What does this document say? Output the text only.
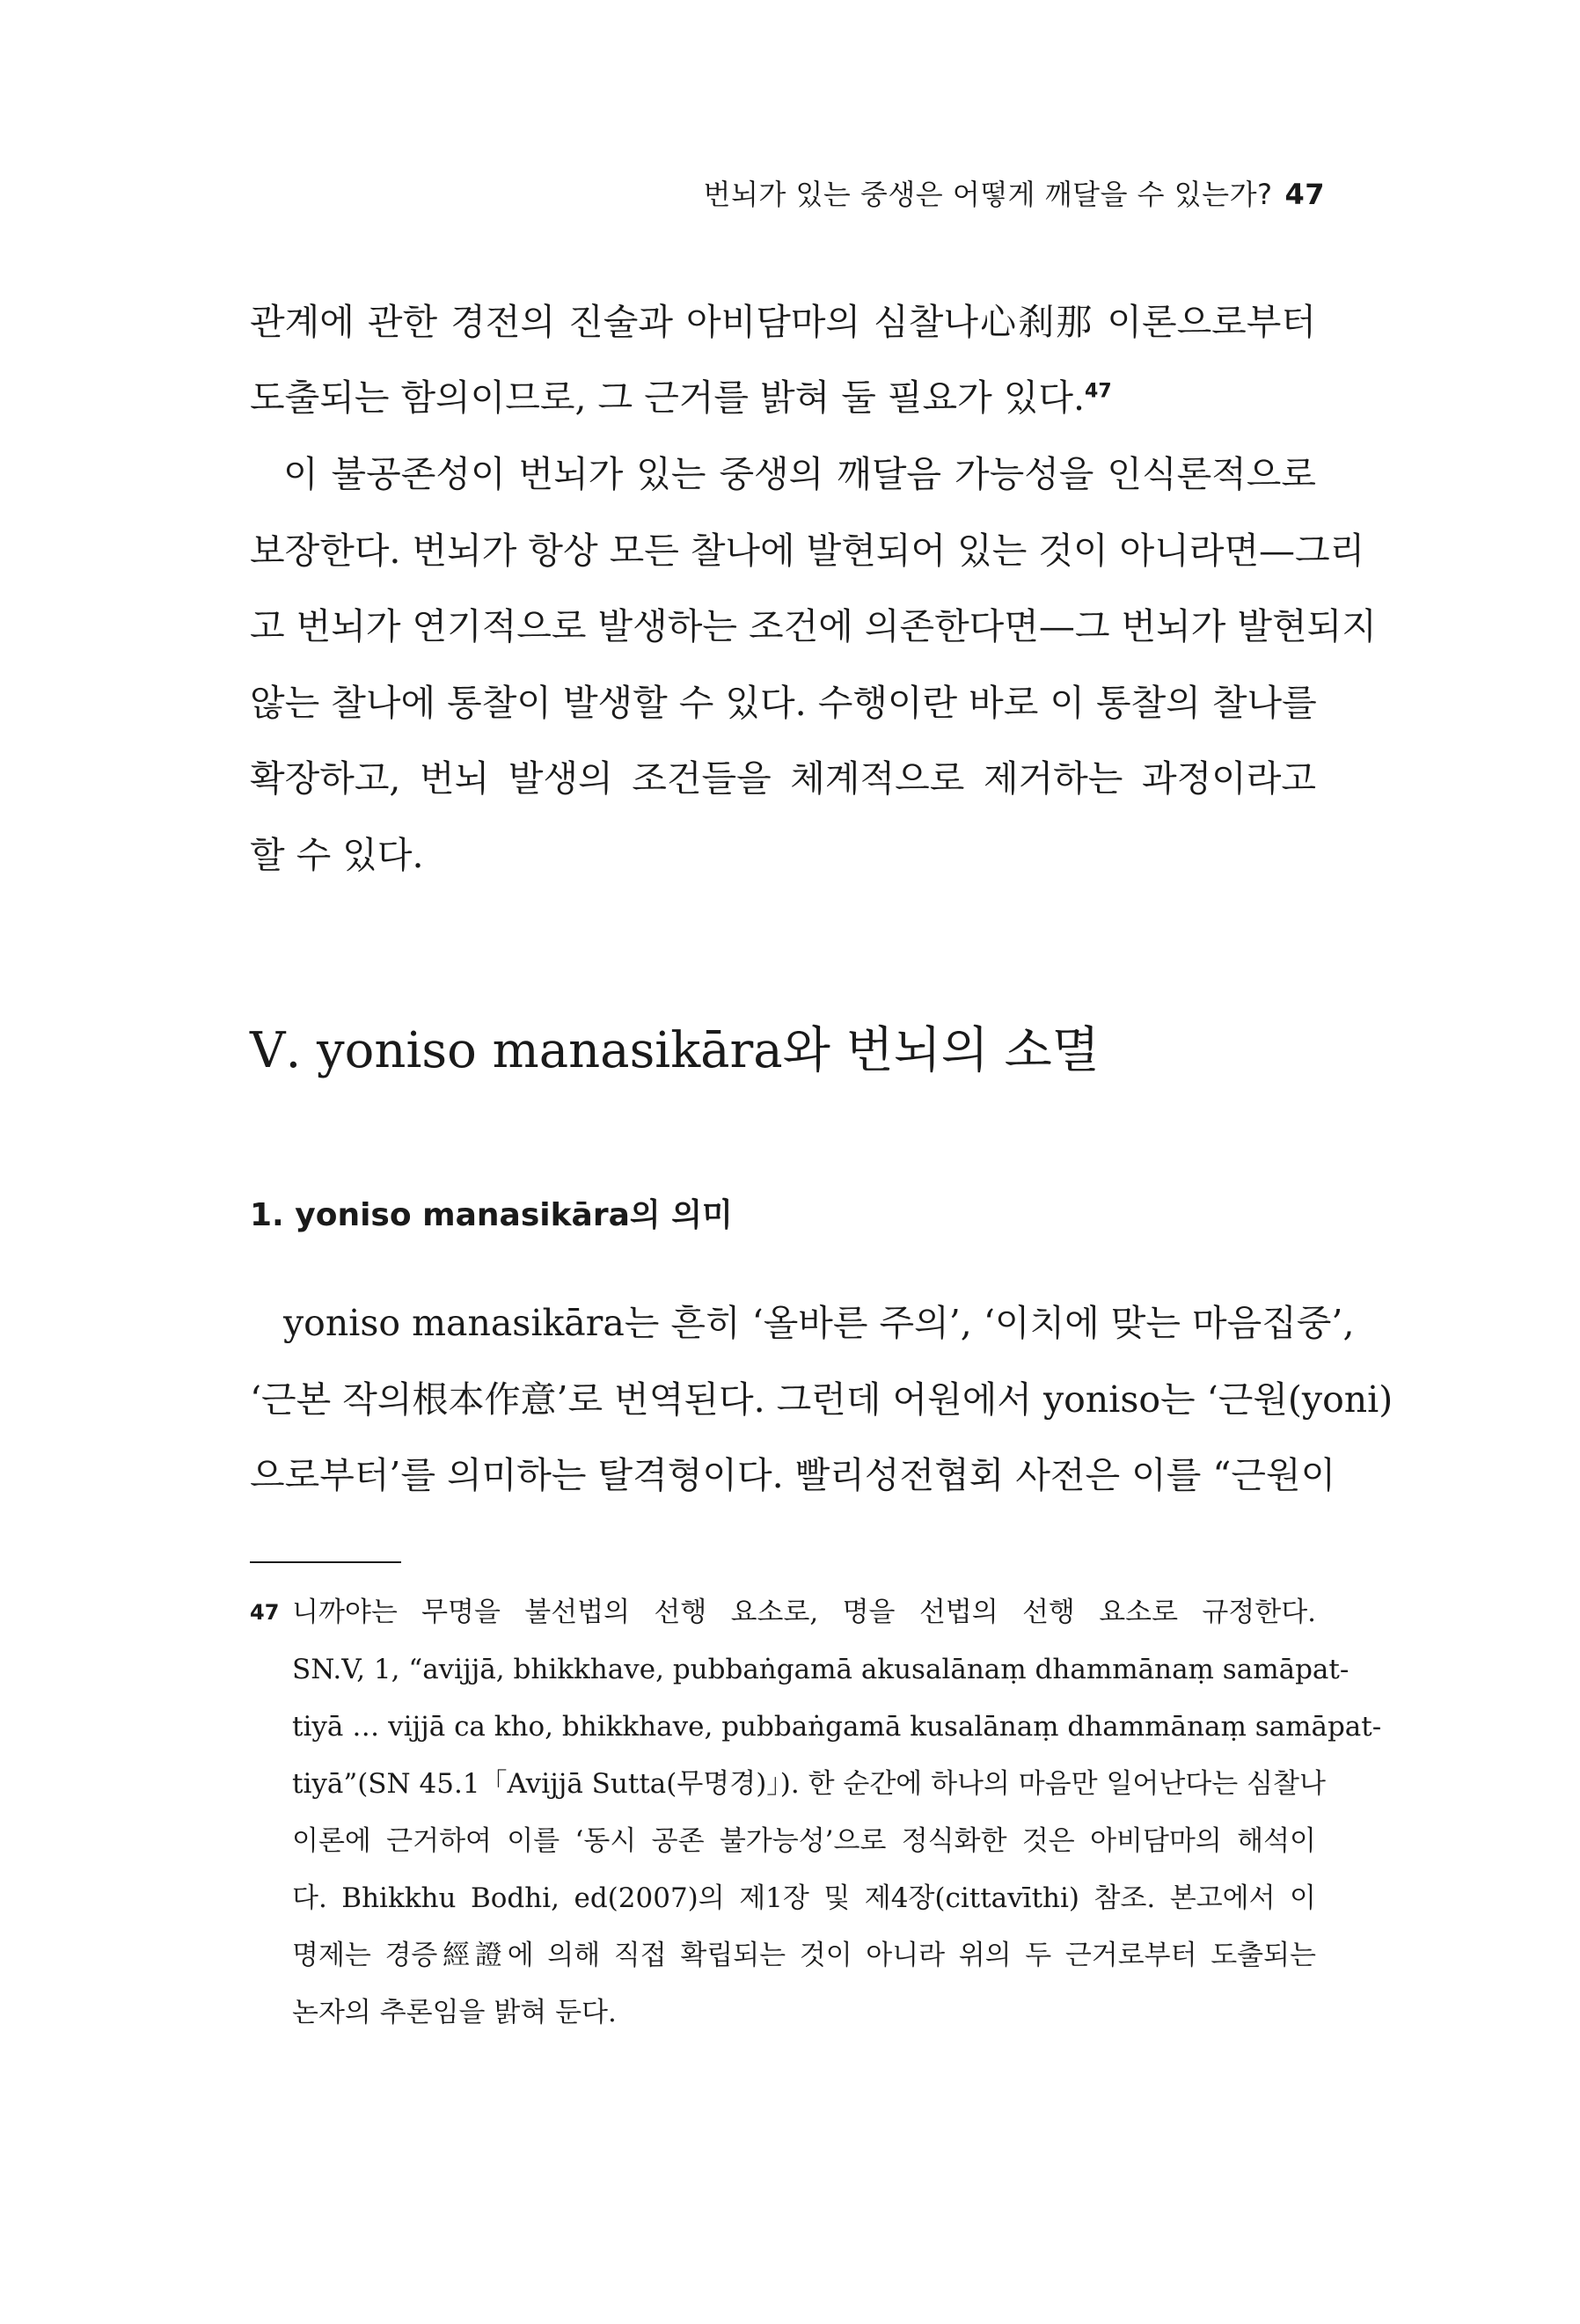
번뇌가 있는 중생은 어떻게 깨달을 수 있는가? 47
관계에 관한 경전의 진술과 아비담마의 심찰나心刹那 이론으로부터
도출되는 함의이므로, 그 근거를 밝혀 둘 필요가 있다.$^{47}$
이 불공존성이 번뇌가 있는 중생의 깨달음 가능성을 인식론적으로
보장한다. 번뇌가 항상 모든 찰나에 발현되어 있는 것이 아니라면—그리
고 번뇌가 연기적으로 발생하는 조건에 의존한다면—그 번뇌가 발현되지
않는 찰나에 통찰이 발생할 수 있다. 수행이란 바로 이 통찰의 찰나를
확장하고, 번뇌 발생의 조건들을 체계적으로 제거하는 과정이라고
할 수 있다.
Ⅴ. yoniso manasikāra와 번뇌의 소멸
1. yoniso manasikāra의 의미
yoniso manasikāra는 흔히 ‘올바른 주의’, ‘이치에 맞는 마음집중’,
‘근본 작의根本作意’로 번역된다. 그런데 어원에서 yoniso는 ‘근원(yoni)
으로부터’를 의미하는 탈격형이다. 빨리성전협회 사전은 이를 “근원이
47 니까야는 무명을 불선법의 선행 요소로, 명을 선법의 선행 요소로 규정한다.
SN.V, 1, “avijjā, bhikkhave, pubbaṅgamā akusalānaṃ dhammānaṃ samāpat-
tiyā … vijjā ca kho, bhikkhave, pubbaṅgamā kusalānaṃ dhammānaṃ samāpat-
tiyā”(SN 45.1「Avijjā Sutta(무명경)」). 한 순간에 하나의 마음만 일어난다는 심찰나
이론에 근거하여 이를 ‘동시 공존 불가능성’으로 정식화한 것은 아비담마의 해석이
다. Bhikkhu Bodhi, ed(2007)의 제1장 및 제4장(cittavīthi) 참조. 본고에서 이
명제는 경증經證에 의해 직접 확립되는 것이 아니라 위의 두 근거로부터 도출되는
논자의 추론임을 밝혀 둔다.
